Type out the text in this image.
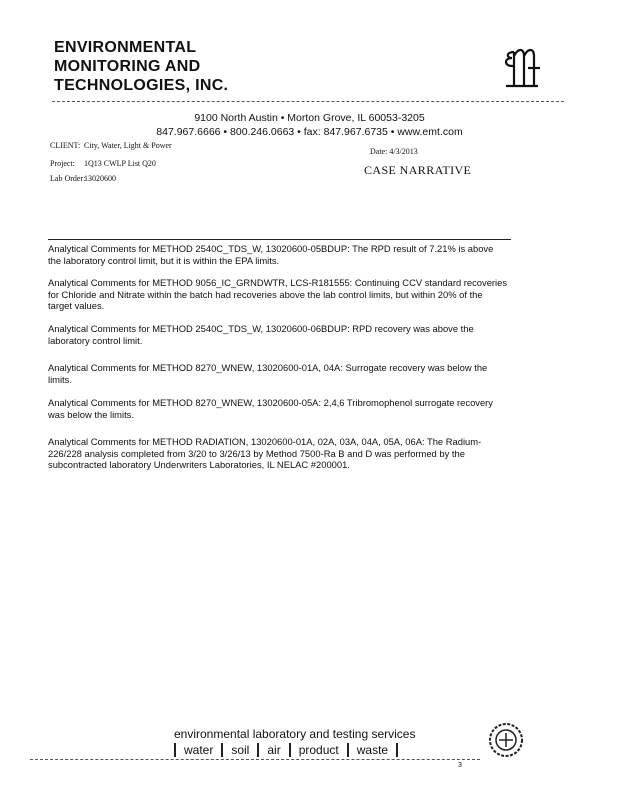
ENVIRONMENTAL
MONITORING AND
TECHNOLOGIES, INC.
9100 North Austin • Morton Grove, IL 60053-3205
847.967.6666 • 800.246.0663 • fax: 847.967.6735 • www.emt.com
CLIENT: City, Water, Light & Power
Date: 4/3/2013
Project: 1Q13 CWLP List Q20	CASE NARRATIVE
Lab Order:
13020600
Analytical Comments for METHOD 2540C_TDS_W, 13020600-05BDUP: The RPD result of 7.21% is above the laboratory control limit, but it is within the EPA limits.
Analytical Comments for METHOD 9056_IC_GRNDWTR, LCS-R181555: Continuing CCV standard recoveries for Chloride and Nitrate within the batch had recoveries above the lab control limits, but within 20% of the target values.
Analytical Comments for METHOD 2540C_TDS_W, 13020600-06BDUP: RPD recovery was above the laboratory control limit.
Analytical Comments for METHOD 8270_WNEW, 13020600-01A, 04A: Surrogate recovery was below the limits.
Analytical Comments for METHOD 8270_WNEW, 13020600-05A: 2,4,6 Tribromophenol surrogate recovery was below the limits.
Analytical Comments for METHOD RADIATION, 13020600-01A, 02A, 03A, 04A, 05A, 06A: The Radium-226/228 analysis completed from 3/20 to 3/26/13 by Method 7500-Ra B and D was performed by the subcontracted laboratory Underwriters Laboratories, IL NELAC #200001.
environmental laboratory and testing services
water	soil	air	product	waste
3
